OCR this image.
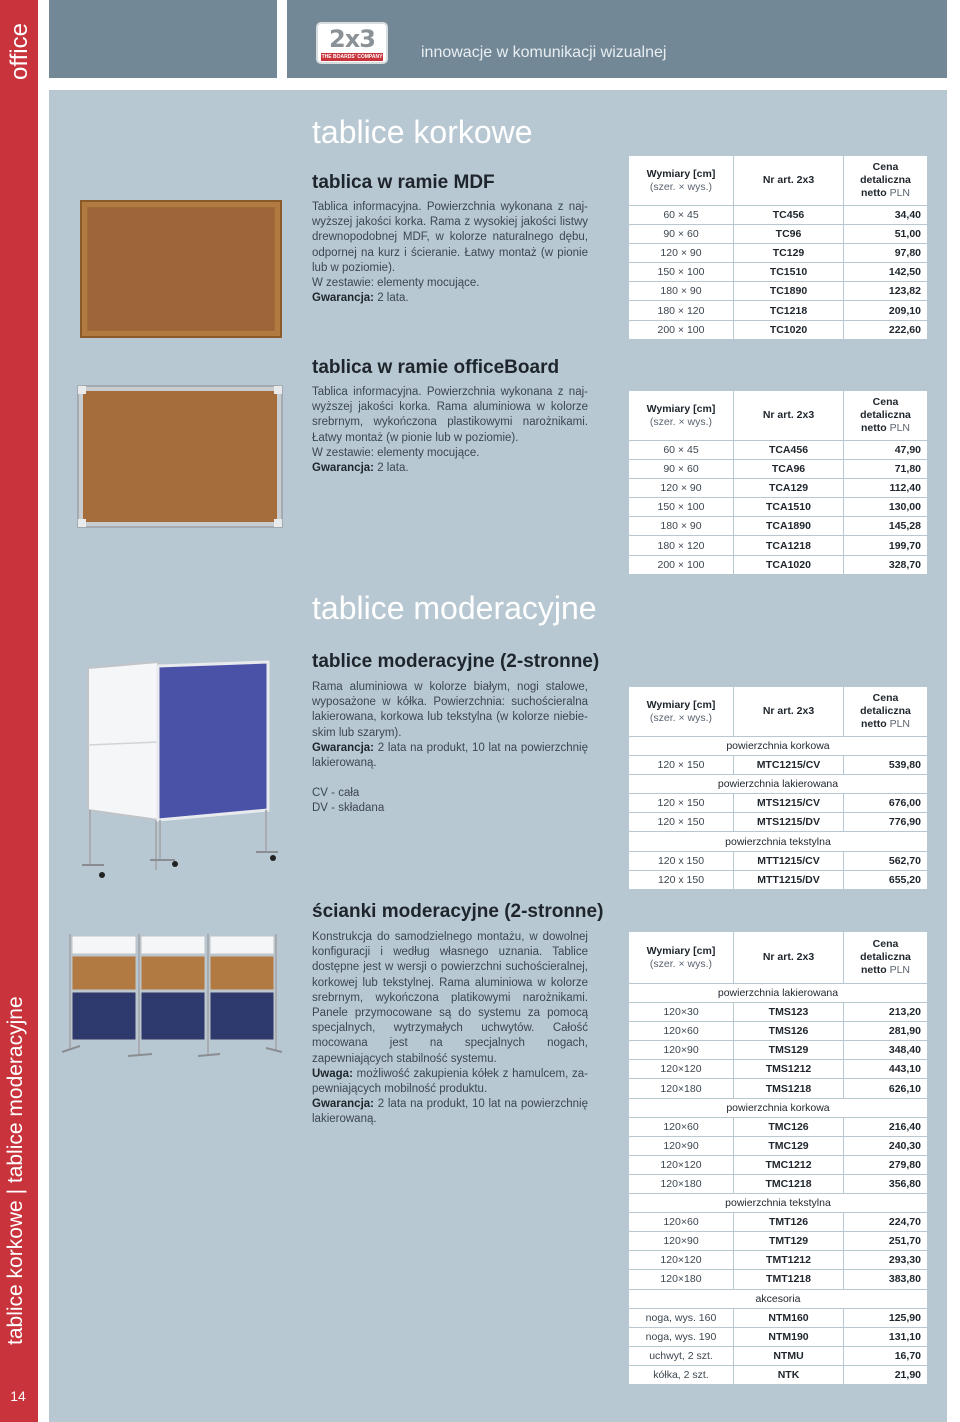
office
tablice korkowe | tablice moderacyjne
14
2x3
THE BOARDS' COMPANY innowacje w komunikacji wizualnej
tablice korkowe
tablica w ramie MDF

Tablica informacyjna. Powierzchnia wykonana z najwyższej jakości korka. Rama z wysokiej jakości listwy drewnopodobnej MDF, w kolorze naturalnego dębu, odpornej na kurz i ścieranie. Łatwy montaż (w pionie lub w poziomie).

W zestawie: elementy mocujące.

Gwarancja: 2 lata.

Wymiary [cm]
(szer. × wys.)	Nr art. 2x3	Cena
detaliczna
netto PLN
60 × 45	TC456	34,40
90 × 60	TC96	51,00
120 × 90	TC129	97,80
150 × 100	TC1510	142,50
180 × 90	TC1890	123,82
180 × 120	TC1218	209,10
200 × 100	TC1020	222,60
tablica w ramie officeBoard

Tablica informacyjna. Powierzchnia wykonana z najwyższej jakości korka. Rama aluminiowa w kolorze srebrnym, wykończona plastikowymi narożnikami. Łatwy montaż (w pionie lub w poziomie).

W zestawie: elementy mocujące.

Gwarancja: 2 lata.

Wymiary [cm]
(szer. × wys.)	Nr art. 2x3	Cena
detaliczna
netto PLN
60 × 45	TCA456	47,90
90 × 60	TCA96	71,80
120 × 90	TCA129	112,40
150 × 100	TCA1510	130,00
180 × 90	TCA1890	145,28
180 × 120	TCA1218	199,70
200 × 100	TCA1020	328,70
tablice moderacyjne
tablice moderacyjne (2-stronne)

Rama aluminiowa w kolorze białym, nogi stalowe, wyposażone w kółka. Powierzchnia: suchościeralna lakierowana, korkowa lub tekstylna (w kolorze niebieskim lub szarym).

Gwarancja: 2 lata na produkt, 10 lat na powierzchnię lakierowaną.

CV - cała

DV - składana

Wymiary [cm]
(szer. × wys.)	Nr art. 2x3	Cena
detaliczna
netto PLN
powierzchnia korkowa		
120 × 150	MTC1215/CV	539,80
powierzchnia lakierowana		
120 × 150	MTS1215/CV	676,00
120 × 150	MTS1215/DV	776,90
powierzchnia tekstylna		
120 x 150	MTT1215/CV	562,70
120 x 150	MTT1215/DV	655,20
ścianki moderacyjne (2-stronne)

Konstrukcja do samodzielnego montażu, w dowolnej konfiguracji i według własnego uznania. Tablice dostępne jest w wersji o powierzchni suchościeralnej, korkowej lub tekstylnej. Rama aluminiowa w kolorze srebrnym, wykończona platikowymi narożnikami. Panele przymocowane są do systemu za pomocą specjalnych, wytrzymałych uchwytów. Całość mocowana jest na specjalnych nogach, zapewniających stabilność systemu.

Uwaga: możliwość zakupienia kółek z hamulcem, zapewniających mobilność produktu.

Gwarancja: 2 lata na produkt, 10 lat na powierzchnię lakierowaną.

Wymiary [cm]
(szer. × wys.)	Nr art. 2x3	Cena
detaliczna
netto PLN
powierzchnia lakierowana		
120×30	TMS123	213,20
120×60	TMS126	281,90
120×90	TMS129	348,40
120×120	TMS1212	443,10
120×180	TMS1218	626,10
powierzchnia korkowa		
120×60	TMC126	216,40
120×90	TMC129	240,30
120×120	TMC1212	279,80
120×180	TMC1218	356,80
powierzchnia tekstylna		
120×60	TMT126	224,70
120×90	TMT129	251,70
120×120	TMT1212	293,30
120×180	TMT1218	383,80
akcesoria		
noga, wys. 160	NTM160	125,90
noga, wys. 190	NTM190	131,10
uchwyt, 2 szt.	NTMU	16,70
kółka, 2 szt.	NTK	21,90
